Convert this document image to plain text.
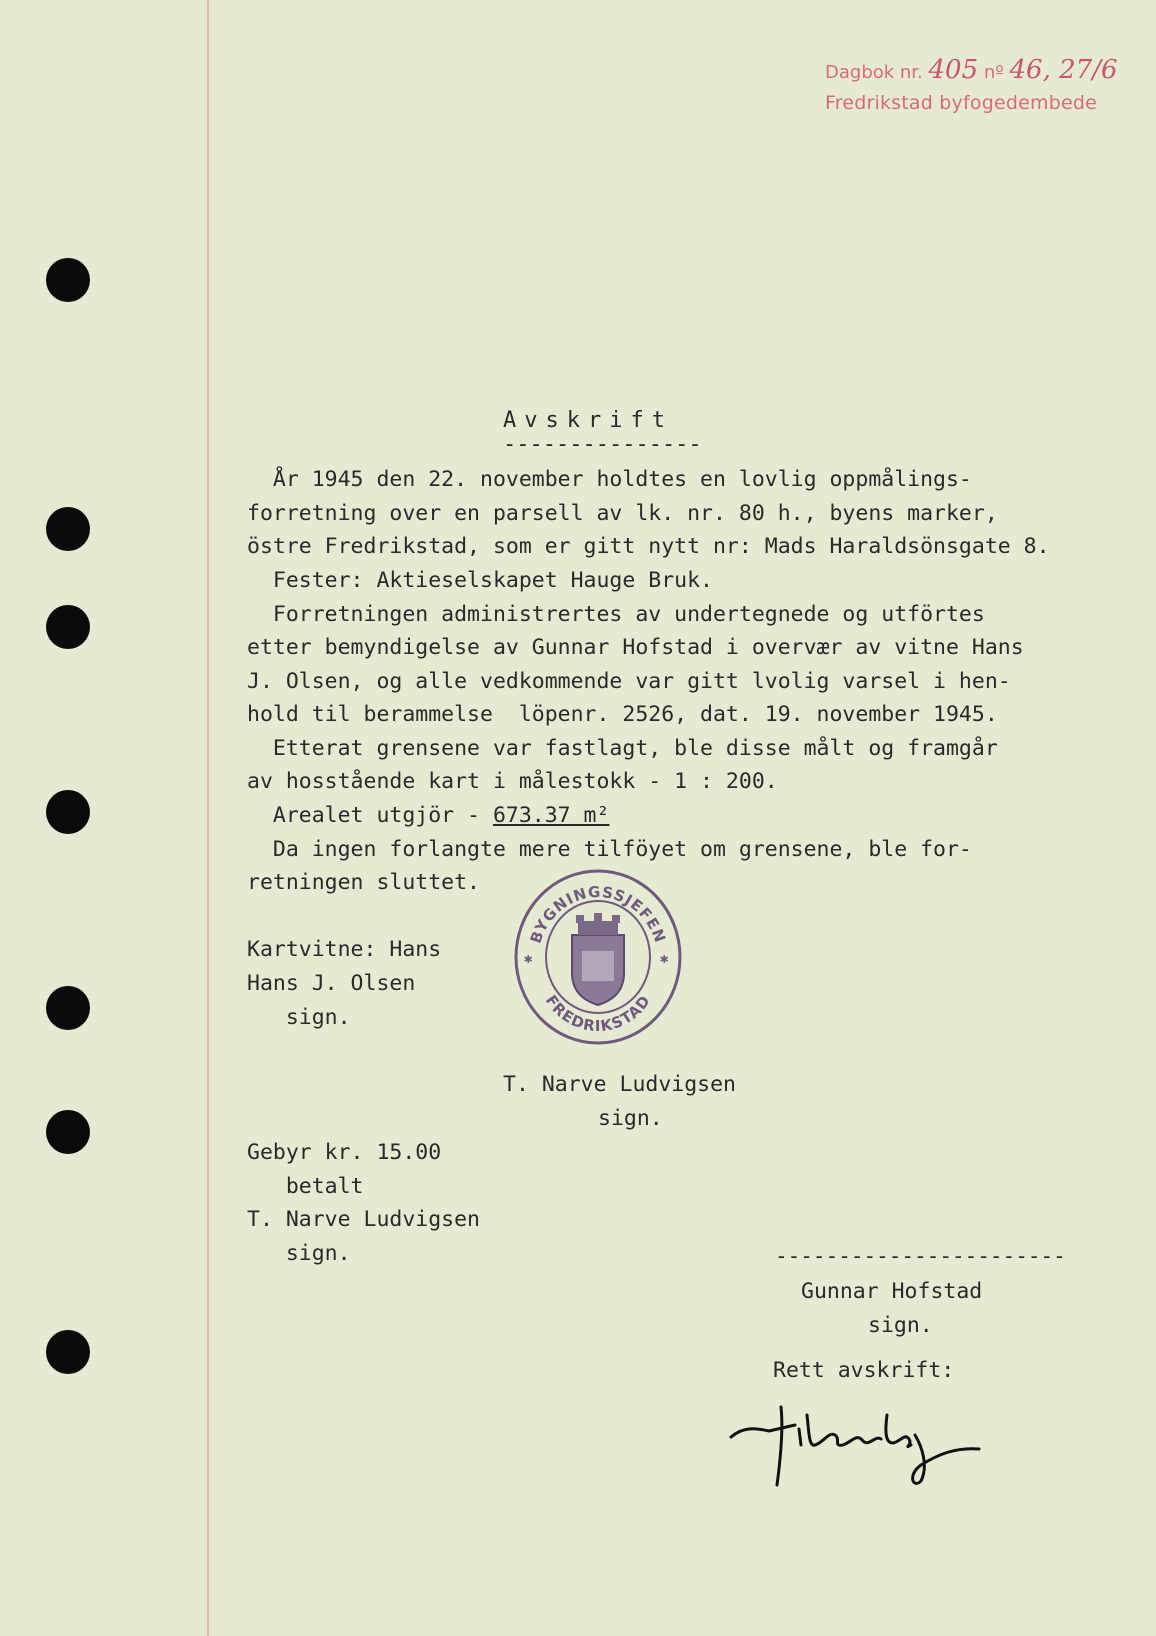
Dagbok nr. 405 nº 46, 27/6
Fredrikstad byfogedembede
Avskrift
---------------
År 1945 den 22. november holdtes en lovlig oppmålings-
forretning over en parsell av lk. nr. 80 h., byens marker,
östre Fredrikstad, som er gitt nytt nr: Mads Haraldsönsgate 8.
Fester: Aktieselskapet Hauge Bruk.
Forretningen administrertes av undertegnede og utförtes
etter bemyndigelse av Gunnar Hofstad i overvær av vitne Hans
J. Olsen, og alle vedkommende var gitt lvolig varsel i hen-
hold til berammelse  löpenr. 2526, dat. 19. november 1945.
Etterat grensene var fastlagt, ble disse målt og framgår
av hosstående kart i målestokk - 1 : 200.
Arealet utgjör - 673.37 m²
Da ingen forlangte mere tilföyet om grensene, ble for-
retningen sluttet.
Kartvitne: Hans
Hans J. Olsen
sign.
BYGNINGSSJEFEN
FREDRIKSTAD
✱	✱
T. Narve Ludvigsen
sign.
Gebyr kr. 15.00
betalt
T. Narve Ludvigsen
sign.	-----------------------
Gunnar Hofstad
sign.
Rett avskrift:
